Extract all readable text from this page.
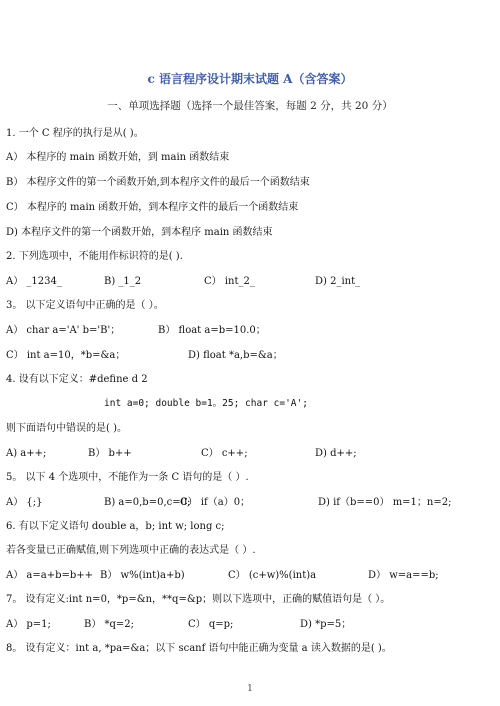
c 语言程序设计期末试题 A（含答案）
一、单项选择题（选择一个最佳答案，每题 2 分，共 20 分）
1. 一个 C 程序的执行是从( )。
A） 本程序的 main 函数开始，到 main 函数结束
B） 本程序文件的第一个函数开始,到本程序文件的最后一个函数结束
C） 本程序的 main 函数开始，到本程序文件的最后一个函数结束
D) 本程序文件的第一个函数开始，到本程序 main 函数结束
2. 下列选项中，不能用作标识符的是( ).
A） _1234_	B) _1_2	C） int_2_	D) 2_int_
3。 以下定义语句中正确的是（ ）。
A） char a='A' b='B'；	B） float a=b=10.0；
C） int a=10，*b=&a；	D) float *a,b=&a；
4. 设有以下定义：#define d 2
int a=0; double b=1。25; char c='A';
则下面语句中错误的是( )。
A) a++;	B） b++	C） c++;	D) d++;
5。 以下 4 个选项中，不能作为一条 C 语句的是（ ）.
A） {;}	B) a=0,b=0,c=0;
C） if（a）0；	D) if（b==0） m=1；n=2;
6. 有以下定义语句 double a，b; int w; long c;
若各变量已正确赋值,则下列选项中正确的表达式是（ ）.
A） a=a+b=b++ B） w%(int)a+b)	C） (c+w)%(int)a	D） w=a==b;
7。 设有定义:int n=0，*p=&n，**q=&p；则以下选项中，正确的赋值语句是（ ）。
A） p=1;	B） *q=2;	C） q=p;	D) *p=5；
8。 设有定义：int a, *pa=&a；以下 scanf 语句中能正确为变量 a 读入数据的是( )。
1
